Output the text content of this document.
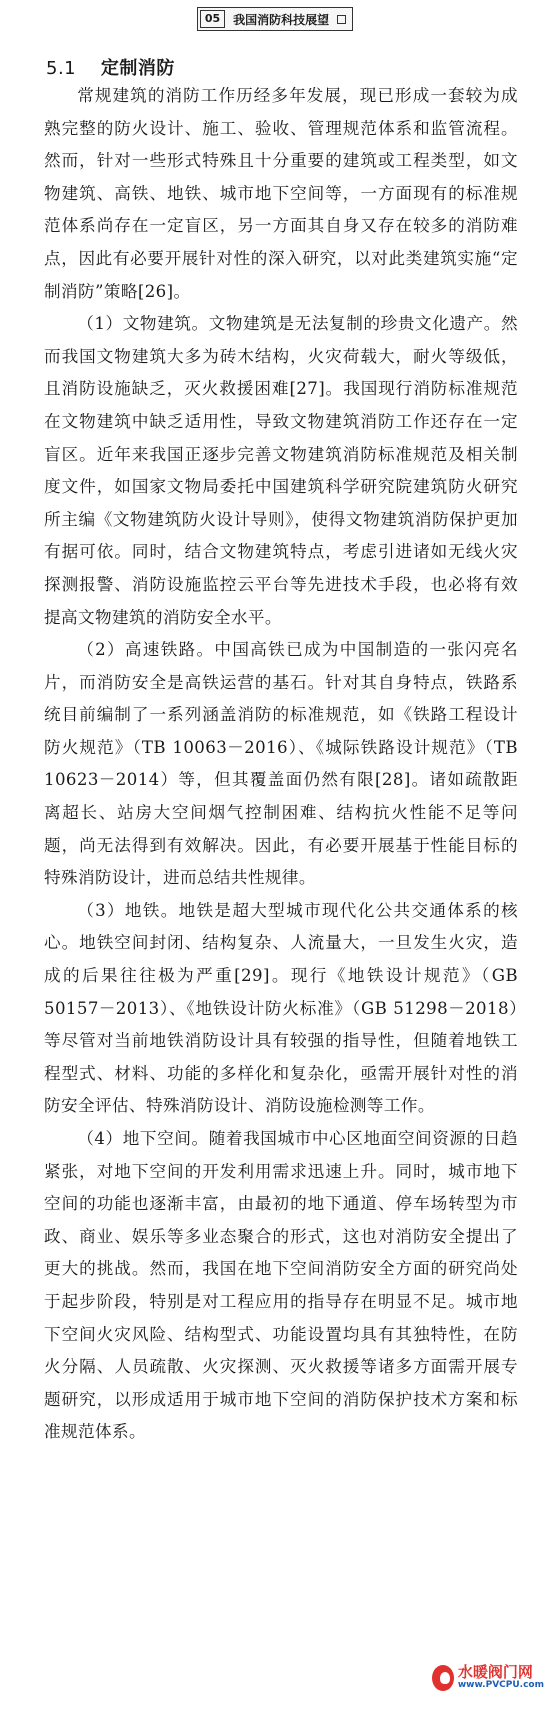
05	我国消防科技展望
5.1 定制消防

常规建筑的消防工作历经多年发展，现已形成一套较为成熟完整的防火设计、施工、验收、管理规范体系和监管流程。然而，针对一些形式特殊且十分重要的建筑或工程类型，如文物建筑、高铁、地铁、城市地下空间等，一方面现有的标准规范体系尚存在一定盲区，另一方面其自身又存在较多的消防难点，因此有必要开展针对性的深入研究，以对此类建筑实施“定制消防”策略[26]。

（1）文物建筑。文物建筑是无法复制的珍贵文化遗产。然而我国文物建筑大多为砖木结构，火灾荷载大，耐火等级低，且消防设施缺乏，灭火救援困难[27]。我国现行消防标准规范在文物建筑中缺乏适用性，导致文物建筑消防工作还存在一定盲区。近年来我国正逐步完善文物建筑消防标准规范及相关制度文件，如国家文物局委托中国建筑科学研究院建筑防火研究所主编《文物建筑防火设计导则》，使得文物建筑消防保护更加有据可依。同时，结合文物建筑特点，考虑引进诸如无线火灾探测报警、消防设施监控云平台等先进技术手段，也必将有效提高文物建筑的消防安全水平。

（2）高速铁路。中国高铁已成为中国制造的一张闪亮名片，而消防安全是高铁运营的基石。针对其自身特点，铁路系统目前编制了一系列涵盖消防的标准规范，如《铁路工程设计防火规范》（TB 10063－2016）、《城际铁路设计规范》（TB 10623－2014）等，但其覆盖面仍然有限[28]。诸如疏散距离超长、站房大空间烟气控制困难、结构抗火性能不足等问题，尚无法得到有效解决。因此，有必要开展基于性能目标的特殊消防设计，进而总结共性规律。

（3）地铁。地铁是超大型城市现代化公共交通体系的核心。地铁空间封闭、结构复杂、人流量大，一旦发生火灾，造成的后果往往极为严重[29]。现行《地铁设计规范》（GB 50157－2013）、《地铁设计防火标准》（GB 51298－2018）等尽管对当前地铁消防设计具有较强的指导性，但随着地铁工程型式、材料、功能的多样化和复杂化，亟需开展针对性的消防安全评估、特殊消防设计、消防设施检测等工作。

（4）地下空间。随着我国城市中心区地面空间资源的日趋紧张，对地下空间的开发利用需求迅速上升。同时，城市地下空间的功能也逐渐丰富，由最初的地下通道、停车场转型为市政、商业、娱乐等多业态聚合的形式，这也对消防安全提出了更大的挑战。然而，我国在地下空间消防安全方面的研究尚处于起步阶段，特别是对工程应用的指导存在明显不足。城市地下空间火灾风险、结构型式、功能设置均具有其独特性，在防火分隔、人员疏散、火灾探测、灭火救援等诸多方面需开展专题研究，以形成适用于城市地下空间的消防保护技术方案和标准规范体系。

水暖阀门网
www.PVCPU.com
